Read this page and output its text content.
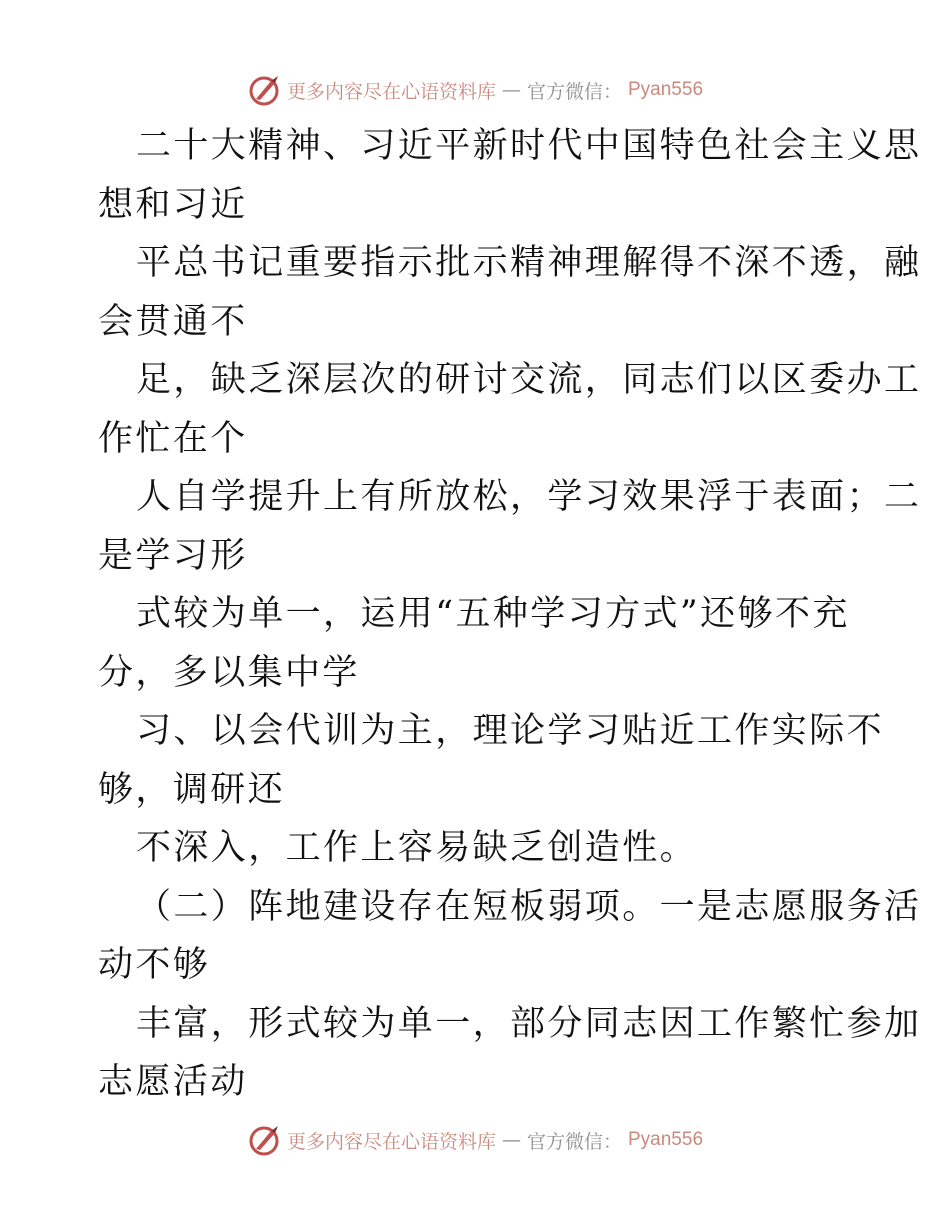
更多内容尽在心语资料库 — 官方微信： Pyan556

二十大精神、习近平新时代中国特色社会主义思
想和习近

平总书记重要指示批示精神理解得不深不透，融
会贯通不

足，缺乏深层次的研讨交流，同志们以区委办工
作忙在个

人自学提升上有所放松，学习效果浮于表面；二
是学习形

式较为单一，运用“五种学习方式”还够不充
分，多以集中学

习、以会代训为主，理论学习贴近工作实际不
够，调研还

不深入，工作上容易缺乏创造性。

（二）阵地建设存在短板弱项。一是志愿服务活
动不够

丰富，形式较为单一，部分同志因工作繁忙参加
志愿活动

更多内容尽在心语资料库 — 官方微信： Pyan556
